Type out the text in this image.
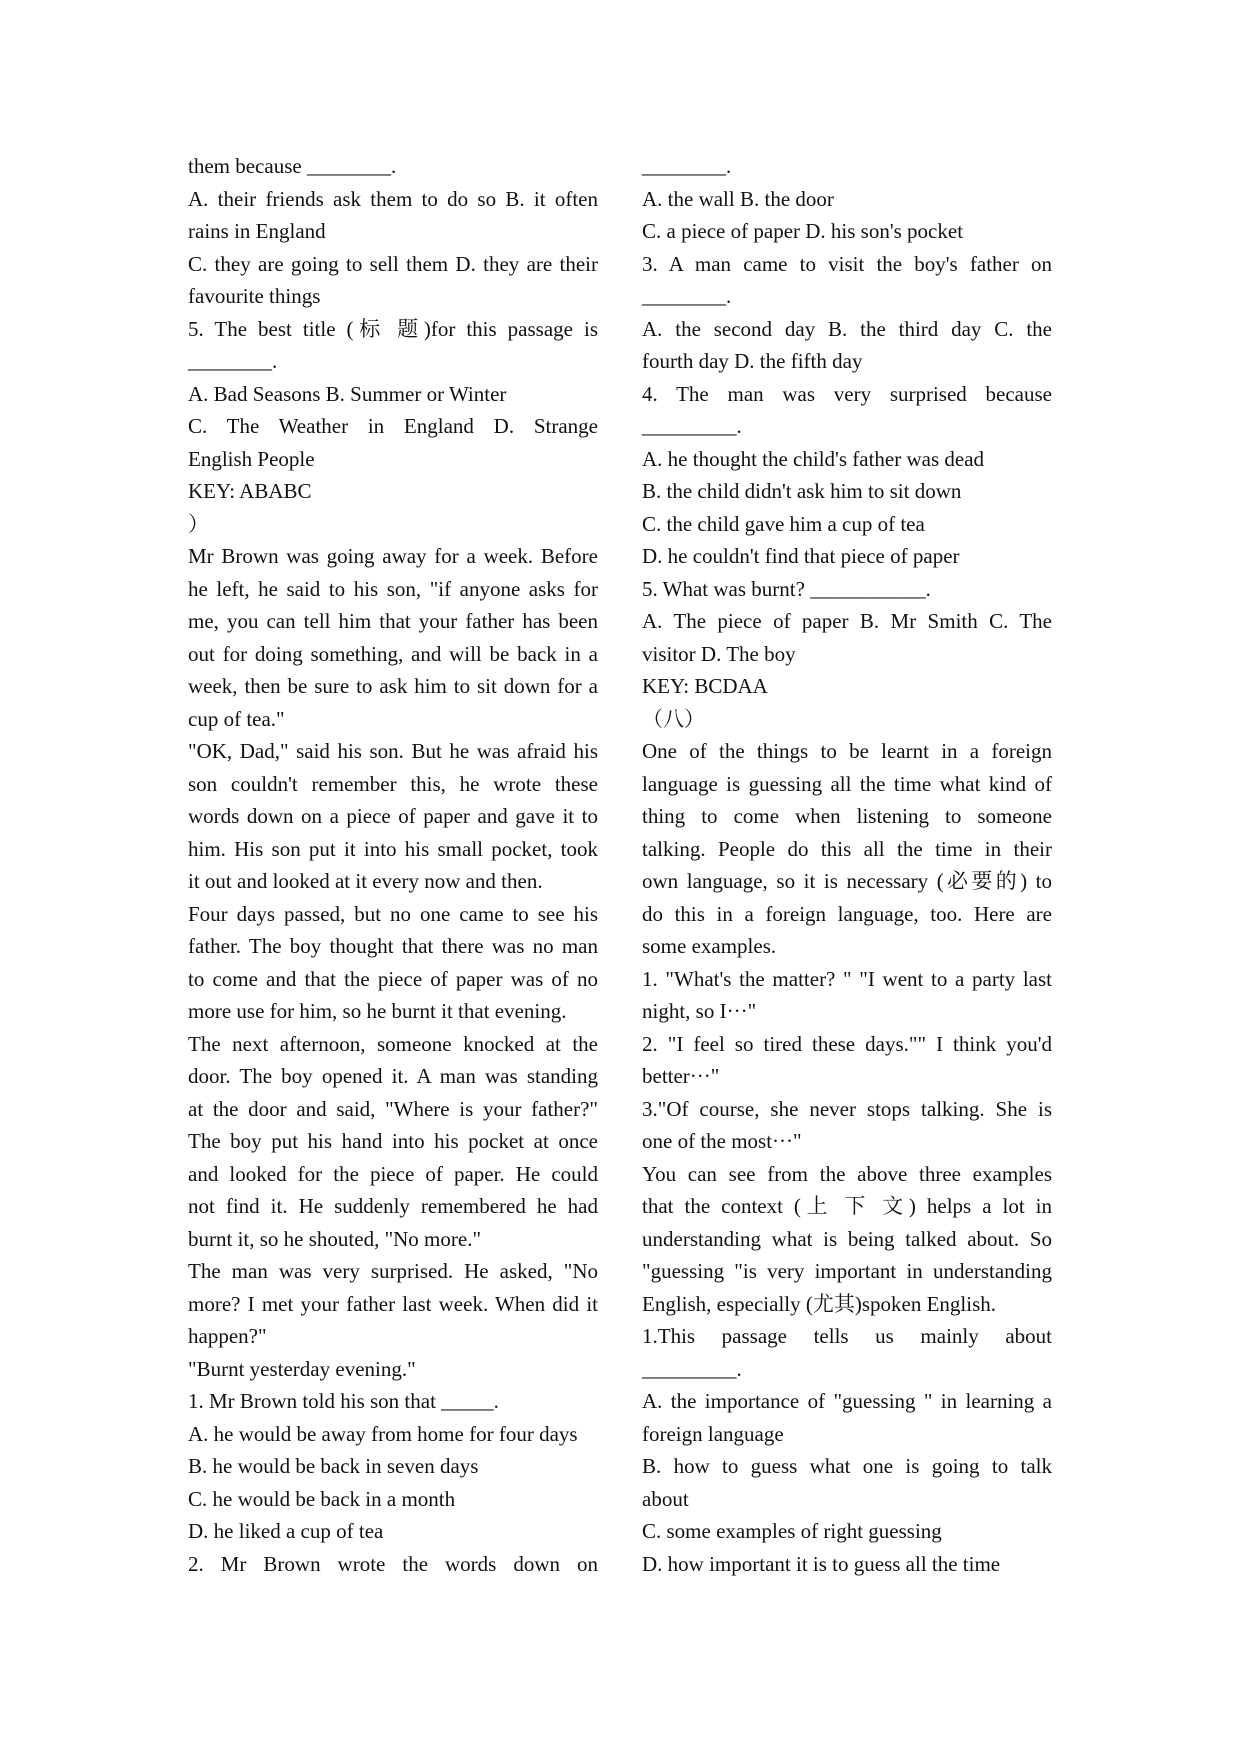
them because ________.
A. their friends ask them to do so B. it often
rains in England
C. they are going to sell them D. they are their
favourite things
5. The best title (标 题)for this passage is
________.
A. Bad Seasons B. Summer or Winter
C. The Weather in England D. Strange
English People
KEY: ABABC
）
Mr Brown was going away for a week. Before
he left, he said to his son, "if anyone asks for
me, you can tell him that your father has been
out for doing something, and will be back in a
week, then be sure to ask him to sit down for a
cup of tea."
"OK, Dad," said his son. But he was afraid his
son couldn't remember this, he wrote these
words down on a piece of paper and gave it to
him. His son put it into his small pocket, took
it out and looked at it every now and then.
Four days passed, but no one came to see his
father. The boy thought that there was no man
to come and that the piece of paper was of no
more use for him, so he burnt it that evening.
The next afternoon, someone knocked at the
door. The boy opened it. A man was standing
at the door and said, "Where is your father?"
The boy put his hand into his pocket at once
and looked for the piece of paper. He could
not find it. He suddenly remembered he had
burnt it, so he shouted, "No more."
The man was very surprised. He asked, "No
more? I met your father last week. When did it
happen?"
"Burnt yesterday evening."
1. Mr Brown told his son that _____.
A. he would be away from home for four days
B. he would be back in seven days
C. he would be back in a month
D. he liked a cup of tea
2. Mr Brown wrote the words down on
________.
A. the wall B. the door
C. a piece of paper D. his son's pocket
3. A man came to visit the boy's father on
________.
A. the second day B. the third day C. the
fourth day D. the fifth day
4. The man was very surprised because
_________.
A. he thought the child's father was dead
B. the child didn't ask him to sit down
C. the child gave him a cup of tea
D. he couldn't find that piece of paper
5. What was burnt? ___________.
A. The piece of paper B. Mr Smith C. The
visitor D. The boy
KEY: BCDAA
（八）
One of the things to be learnt in a foreign
language is guessing all the time what kind of
thing to come when listening to someone
talking. People do this all the time in their
own language, so it is necessary (必要的) to
do this in a foreign language, too. Here are
some examples.
1. "What's the matter? " "I went to a party last
night, so I···"
2. "I feel so tired these days."" I think you'd
better···"
3."Of course, she never stops talking. She is
one of the most···"
You can see from the above three examples
that the context (上 下 文) helps a lot in
understanding what is being talked about. So
"guessing "is very important in understanding
English, especially (尤其)spoken English.
1.This passage tells us mainly about
_________.
A. the importance of "guessing " in learning a
foreign language
B. how to guess what one is going to talk
about
C. some examples of right guessing
D. how important it is to guess all the time
